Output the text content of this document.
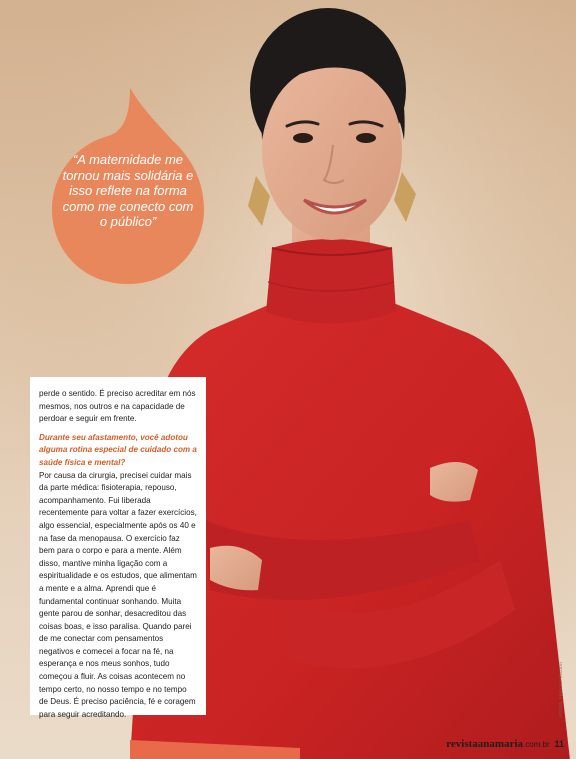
“A maternidade me tornou mais solidária e isso reflete na forma como me conecto com o público”

perde o sentido. É preciso acreditar em nós mesmos, nos outros e na capacidade de perdoar e seguir em frente.

Durante seu afastamento, você adotou alguma rotina especial de cuidado com a saúde física e mental?

Por causa da cirurgia, precisei cuidar mais da parte médica: fisioterapia, repouso, acompanhamento. Fui liberada recentemente para voltar a fazer exercícios, algo essencial, especialmente após os 40 e na fase da menopausa. O exercício faz bem para o corpo e para a mente. Além disso, mantive minha ligação com a espiritualidade e os estudos, que alimentam a mente e a alma. Aprendi que é fundamental continuar sonhando. Muita gente parou de sonhar, desacreditou das coisas boas, e isso paralisa. Quando parei de me conectar com pensamentos negativos e comecei a focar na fé, na esperança e nos meus sonhos, tudo começou a fluir. As coisas acontecem no tempo certo, no nosso tempo e no tempo de Deus. É preciso paciência, fé e coragem para seguir acreditando.	FOTOS: PRISCILA ROZANI
revistaanamaria.com.br 11
